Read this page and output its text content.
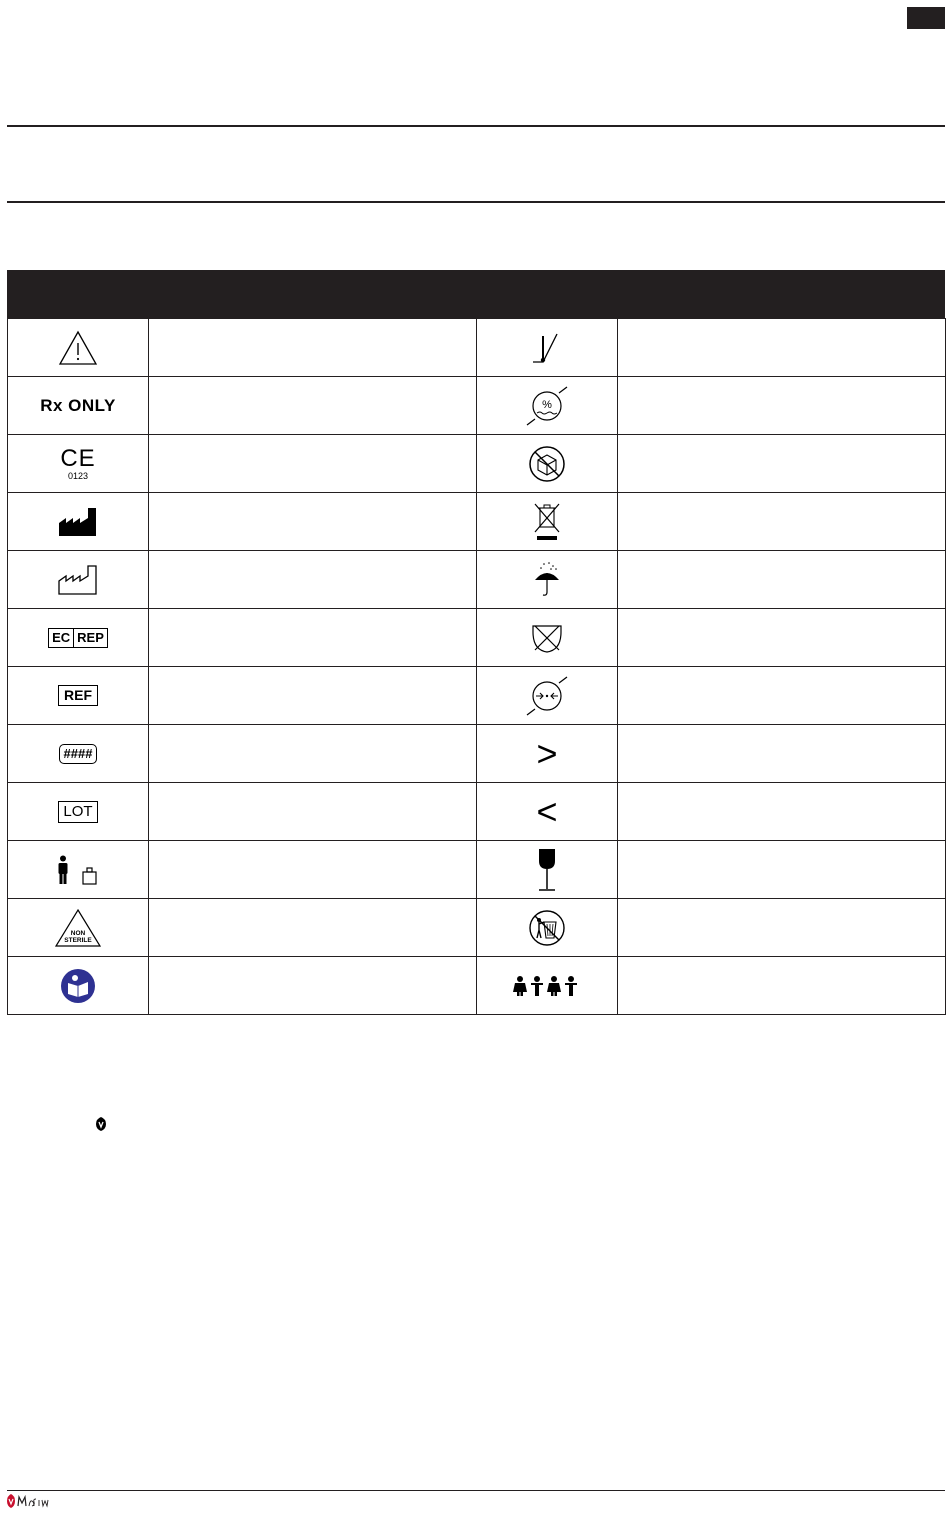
Rx ONLY		%	

CE
0123

EC REP

REF

####		>	

LOT		<	

NON
STERILE
